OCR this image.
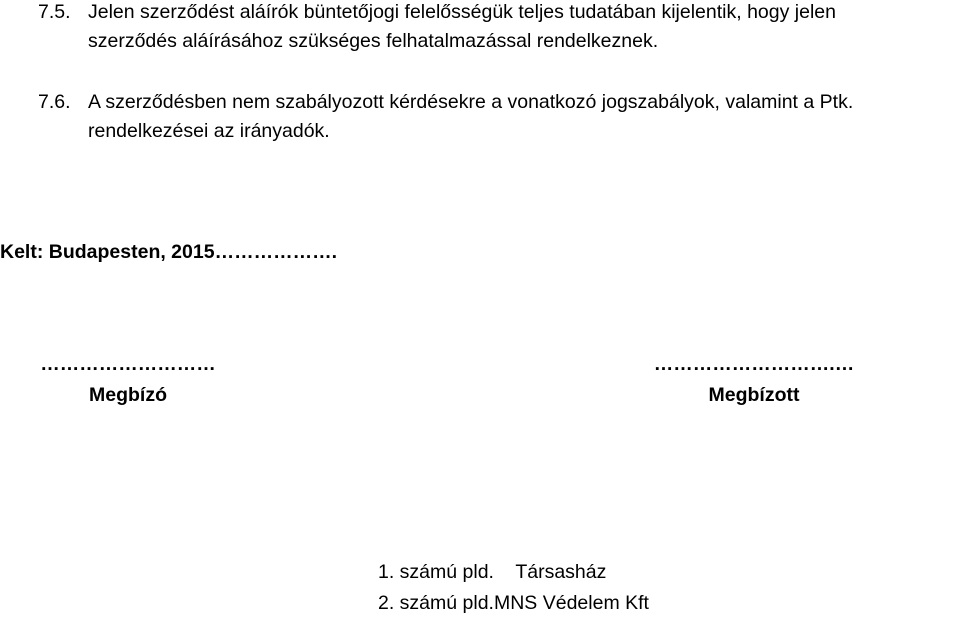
7.5. Jelen szerződést aláírók büntetőjogi felelősségük teljes tudatában kijelentik, hogy jelen
szerződés aláírásához szükséges felhatalmazással rendelkeznek.
7.6. A szerződésben nem szabályozott kérdésekre a vonatkozó jogszabályok, valamint a Ptk.
rendelkezései az irányadók.
Kelt: Budapesten, 2015……………….
………………………
Megbízó
……………………….…
Megbízott
1. számú pld. Társasház
2. számú pld.MNS Védelem Kft
